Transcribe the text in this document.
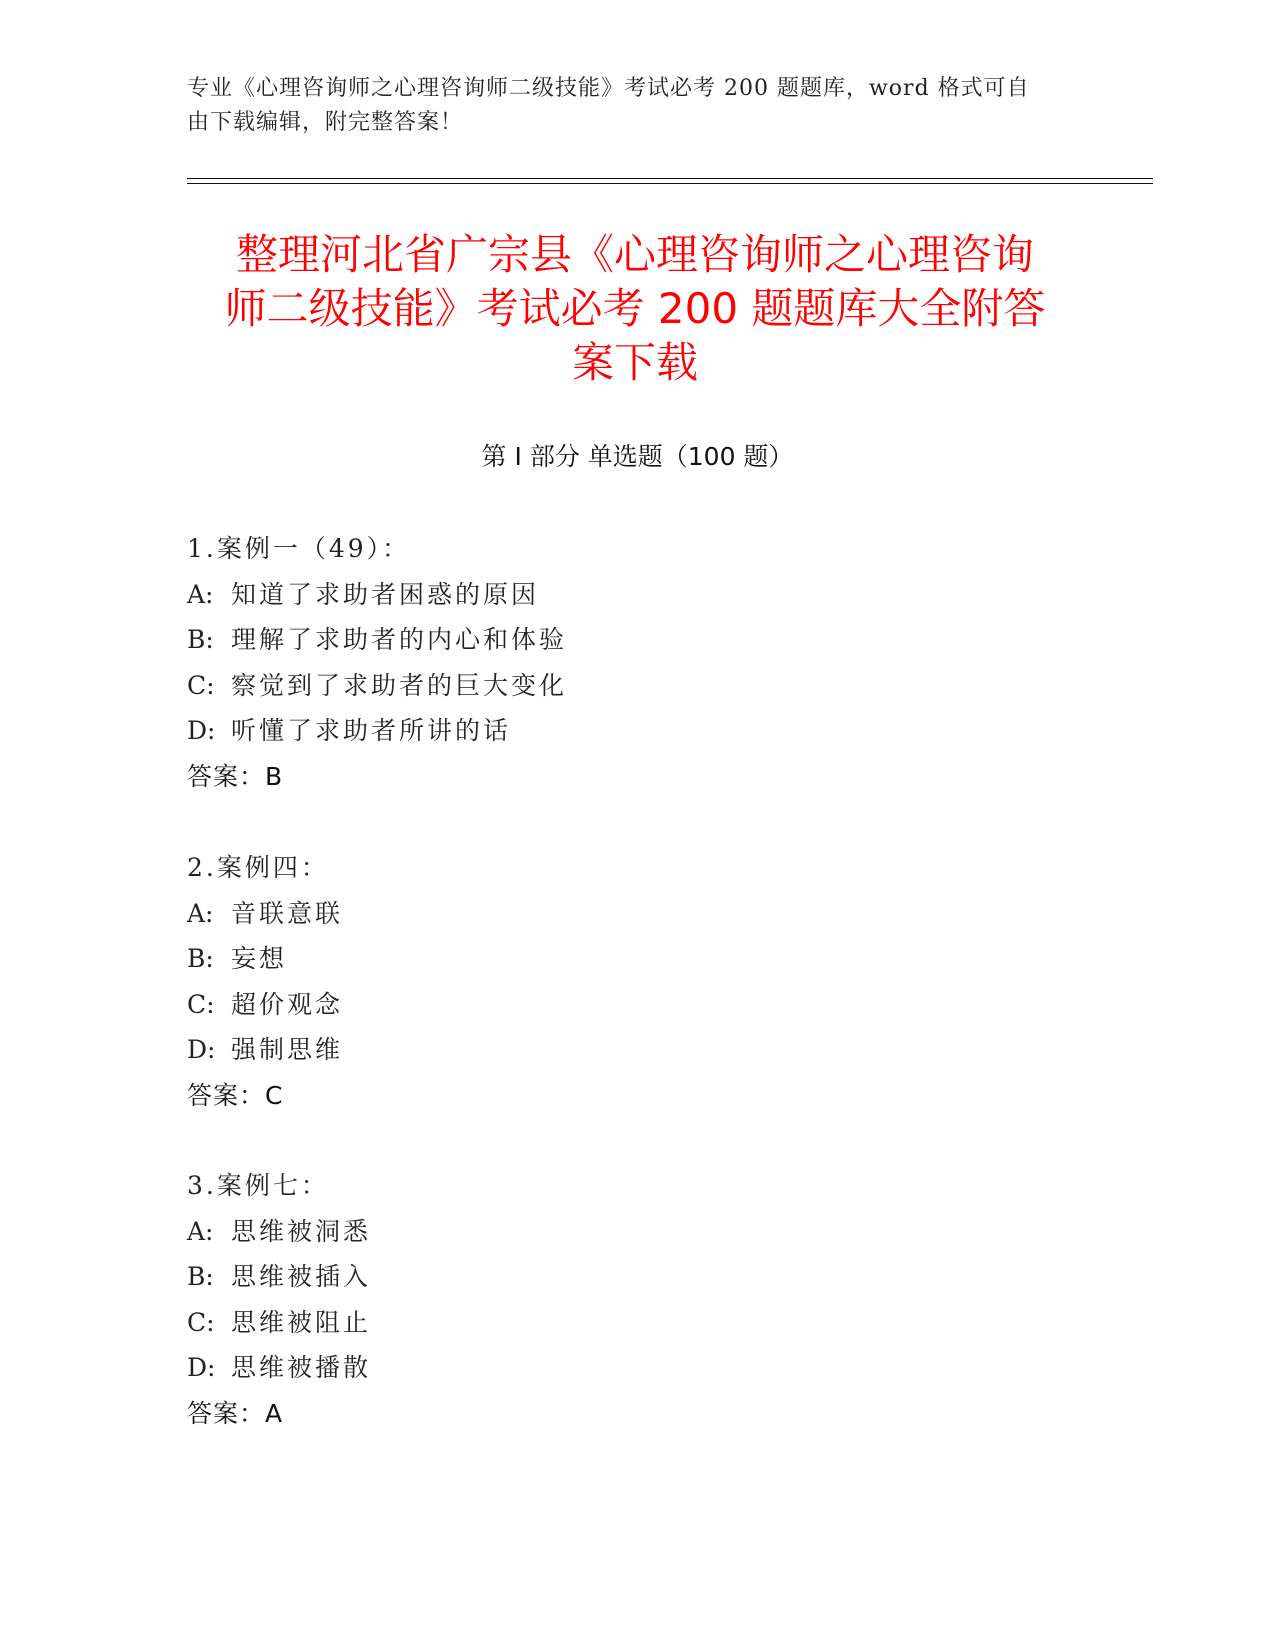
专业《心理咨询师之心理咨询师二级技能》考试必考 200 题题库，word 格式可自
由下载编辑，附完整答案！
整理河北省广宗县《心理咨询师之心理咨询
师二级技能》考试必考 200 题题库大全附答
案下载
第 I 部分 单选题（100 题）
1.案例一（49）：
A: 知道了求助者困惑的原因
B: 理解了求助者的内心和体验
C: 察觉到了求助者的巨大变化
D: 听懂了求助者所讲的话
答案：B
2.案例四：
A: 音联意联
B: 妄想
C: 超价观念
D: 强制思维
答案：C
3.案例七：
A: 思维被洞悉
B: 思维被插入
C: 思维被阻止
D: 思维被播散
答案：A
